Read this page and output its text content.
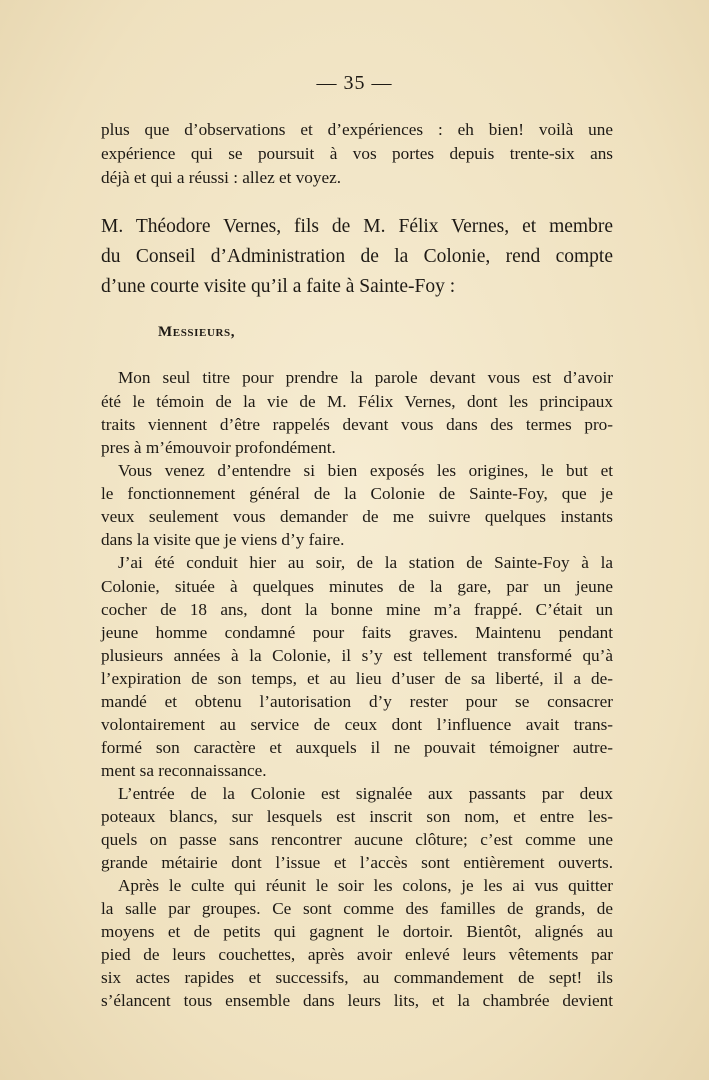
— 35 —
plus que d’observations et d’expériences : eh bien! voilà une
expérience qui se poursuit à vos portes depuis trente-six ans
déjà et qui a réussi : allez et voyez.
M. Théodore Vernes, fils de M. Félix Vernes, et membre
du Conseil d’Administration de la Colonie, rend compte
d’une courte visite qu’il a faite à Sainte-Foy :
Messieurs,
Mon seul titre pour prendre la parole devant vous est d’avoir
été le témoin de la vie de M. Félix Vernes, dont les principaux
traits viennent d’être rappelés devant vous dans des termes pro-
pres à m’émouvoir profondément.
Vous venez d’entendre si bien exposés les origines, le but et
le fonctionnement général de la Colonie de Sainte-Foy, que je
veux seulement vous demander de me suivre quelques instants
dans la visite que je viens d’y faire.
J’ai été conduit hier au soir, de la station de Sainte-Foy à la
Colonie, située à quelques minutes de la gare, par un jeune
cocher de 18 ans, dont la bonne mine m’a frappé. C’était un
jeune homme condamné pour faits graves. Maintenu pendant
plusieurs années à la Colonie, il s’y est tellement transformé qu’à
l’expiration de son temps, et au lieu d’user de sa liberté, il a de-
mandé et obtenu l’autorisation d’y rester pour se consacrer
volontairement au service de ceux dont l’influence avait trans-
formé son caractère et auxquels il ne pouvait témoigner autre-
ment sa reconnaissance.
L’entrée de la Colonie est signalée aux passants par deux
poteaux blancs, sur lesquels est inscrit son nom, et entre les-
quels on passe sans rencontrer aucune clôture; c’est comme une
grande métairie dont l’issue et l’accès sont entièrement ouverts.
Après le culte qui réunit le soir les colons, je les ai vus quitter
la salle par groupes. Ce sont comme des familles de grands, de
moyens et de petits qui gagnent le dortoir. Bientôt, alignés au
pied de leurs couchettes, après avoir enlevé leurs vêtements par
six actes rapides et successifs, au commandement de sept! ils
s’élancent tous ensemble dans leurs lits, et la chambrée devient
